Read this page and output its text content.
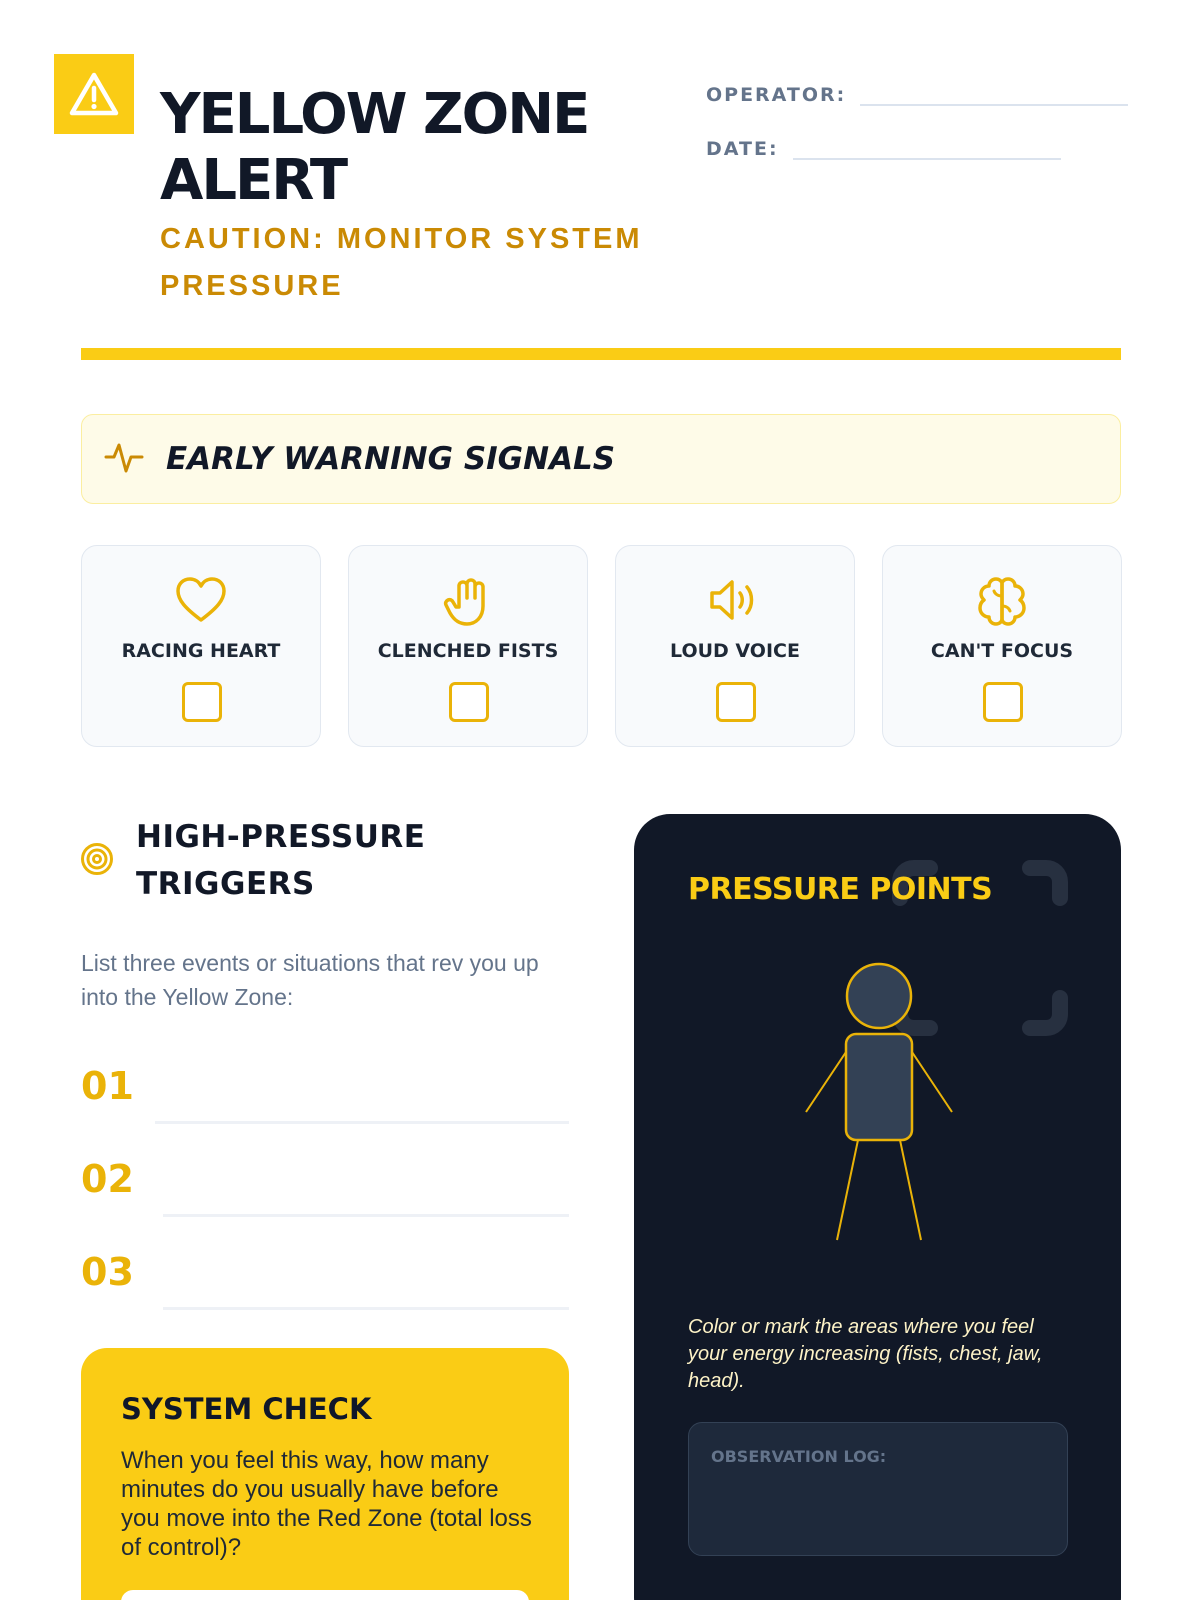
YELLOW ZONE ALERT
CAUTION: MONITOR SYSTEM PRESSURE
OPERATOR:
DATE:
EARLY WARNING SIGNALS
RACING HEART	CLENCHED FISTS	LOUD VOICE	CAN'T FOCUS
HIGH-PRESSURE TRIGGERS
List three events or situations that rev you up into the Yellow Zone:
01
02
03
SYSTEM CHECK
When you feel this way, how many minutes do you usually have before you move into the Red Zone (total loss of control)?
PRESSURE POINTS
Color or mark the areas where you feel your energy increasing (fists, chest, jaw, head).
OBSERVATION LOG:
